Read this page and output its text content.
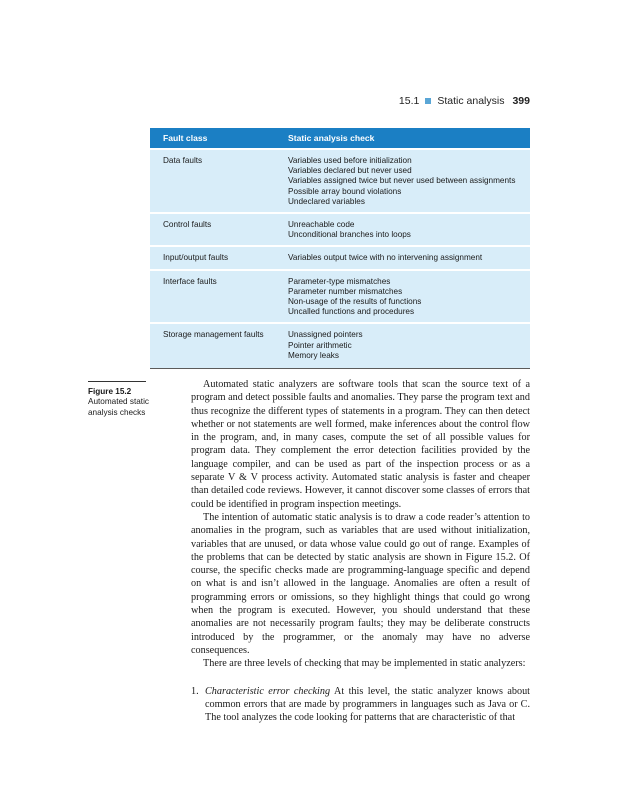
15.1 Static analysis 399
Fault class	Static analysis check
Data faults	Variables used before initialization
Variables declared but never used
Variables assigned twice but never used between assignments
Possible array bound violations
Undeclared variables

Control faults	Unreachable code
Unconditional branches into loops

Input/output faults	Variables output twice with no intervening assignment

Interface faults	Parameter-type mismatches
Parameter number mismatches
Non-usage of the results of functions
Uncalled functions and procedures

Storage management faults	Unassigned pointers
Pointer arithmetic
Memory leaks
Figure 15.2
Automated static analysis checks

Automated static analyzers are software tools that scan the source text of a program and detect possible faults and anomalies. They parse the program text and thus recognize the different types of statements in a program. They can then detect whether or not statements are well formed, make inferences about the control flow in the program, and, in many cases, compute the set of all possible values for program data. They complement the error detection facilities provided by the language compiler, and can be used as part of the inspection process or as a separate V & V process activity. Automated static analysis is faster and cheaper than detailed code reviews. However, it cannot discover some classes of errors that could be identified in program inspection meetings.

The intention of automatic static analysis is to draw a code reader’s attention to anomalies in the program, such as variables that are used without initialization, variables that are unused, or data whose value could go out of range. Examples of the problems that can be detected by static analysis are shown in Figure 15.2. Of course, the specific checks made are programming-language specific and depend on what is and isn’t allowed in the language. Anomalies are often a result of programming errors or omissions, so they highlight things that could go wrong when the program is executed. However, you should understand that these anomalies are not necessarily program faults; they may be deliberate constructs introduced by the programmer, or the anomaly may have no adverse consequences.

There are three levels of checking that may be implemented in static analyzers:

1. Characteristic error checking At this level, the static analyzer knows about common errors that are made by programmers in languages such as Java or C. The tool analyzes the code looking for patterns that are characteristic of that
